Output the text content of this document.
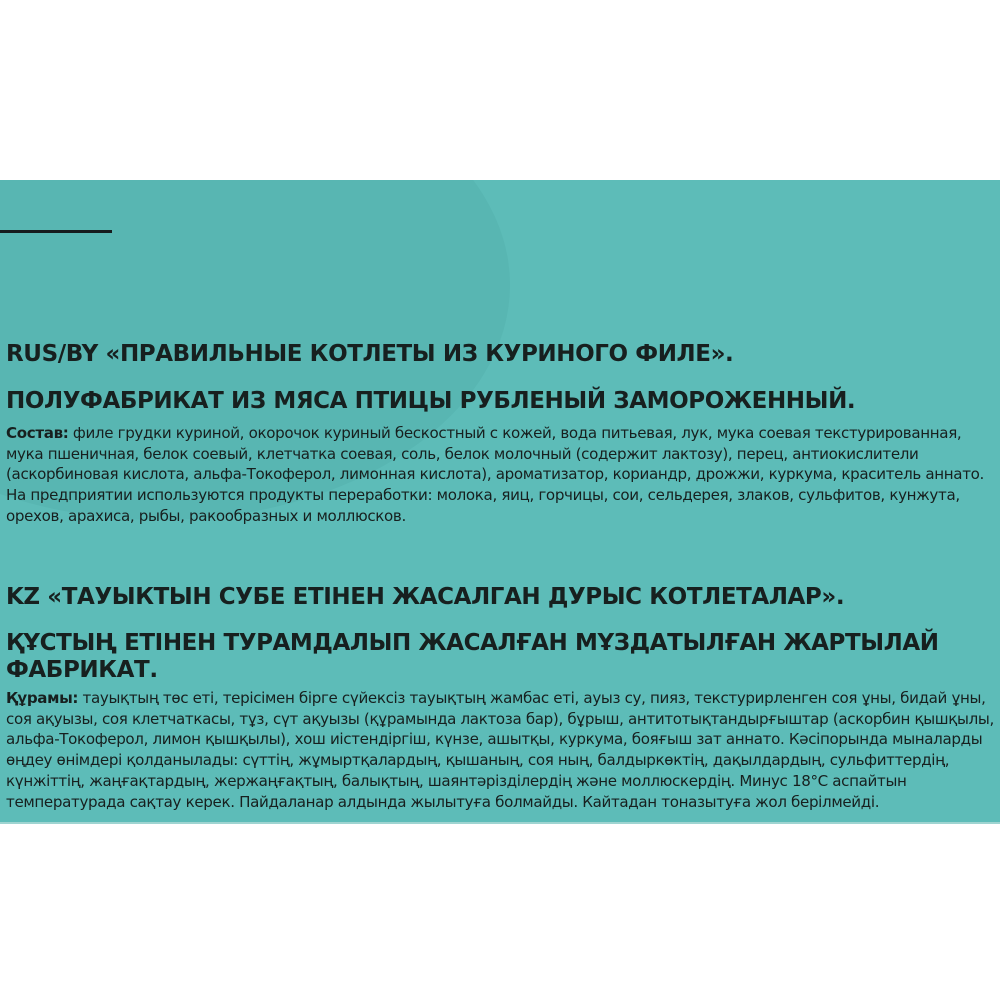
RUS/BY «ПРАВИЛЬНЫЕ КОТЛЕТЫ ИЗ КУРИНОГО ФИЛЕ».
ПОЛУФАБРИКАТ ИЗ МЯСА ПТИЦЫ РУБЛЕНЫЙ ЗАМОРОЖЕННЫЙ.
Состав: филе грудки куриной, окорочок куриный бескостный с кожей, вода питьевая, лук, мука соевая текстурированная, мука пшеничная, белок соевый, клетчатка соевая, соль, белок молочный (содержит лактозу), перец, антиокислители (аскорбиновая кислота, альфа-Токоферол, лимонная кислота), ароматизатор, кориандр, дрожжи, куркума, краситель аннато.
На предприятии используются продукты переработки: молока, яиц, горчицы, сои, сельдерея, злаков, сульфитов, кунжута, орехов, арахиса, рыбы, ракообразных и моллюсков.
KZ «ТАУЫКТЫН СУБЕ ЕТІНЕН ЖАСАЛГАН ДУРЫС КОТЛЕТАЛАР».
ҚҰСТЫҢ ЕТІНЕН ТУРАМДАЛЫП ЖАСАЛҒАН МҰЗДАТЫЛҒАН ЖАРТЫЛАЙ ФАБРИКАТ.
Құрамы: тауықтың төс еті, терісімен бірге сүйексіз тауықтың жамбас еті, ауыз су, пияз, текстурирленген соя ұны, бидай ұны, соя ақуызы, соя клетчаткасы, тұз, сүт ақуызы (құрамында лактоза бар), бұрыш, антитотықтандырғыштар (аскорбин қышқылы, альфа-Токоферол, лимон қышқылы), хош иістендіргіш, күнзе, ашытқы, куркума, бояғыш зат аннато. Кәсіпорында мыналарды өңдеу өнімдері қолданылады: сүттің, жұмыртқалардың, қышаның, соя ның, балдыркөктің, дақылдардың, сульфиттердің, күнжіттің, жаңғақтардың, жержаңғақтың, балықтың, шаянтәрізділердің және моллюскердің. Минус 18°C аспайтын температурада сақтау керек. Пайдаланар алдында жылытуға болмайды. Кайтадан тоназытуға жол берілмейді.
